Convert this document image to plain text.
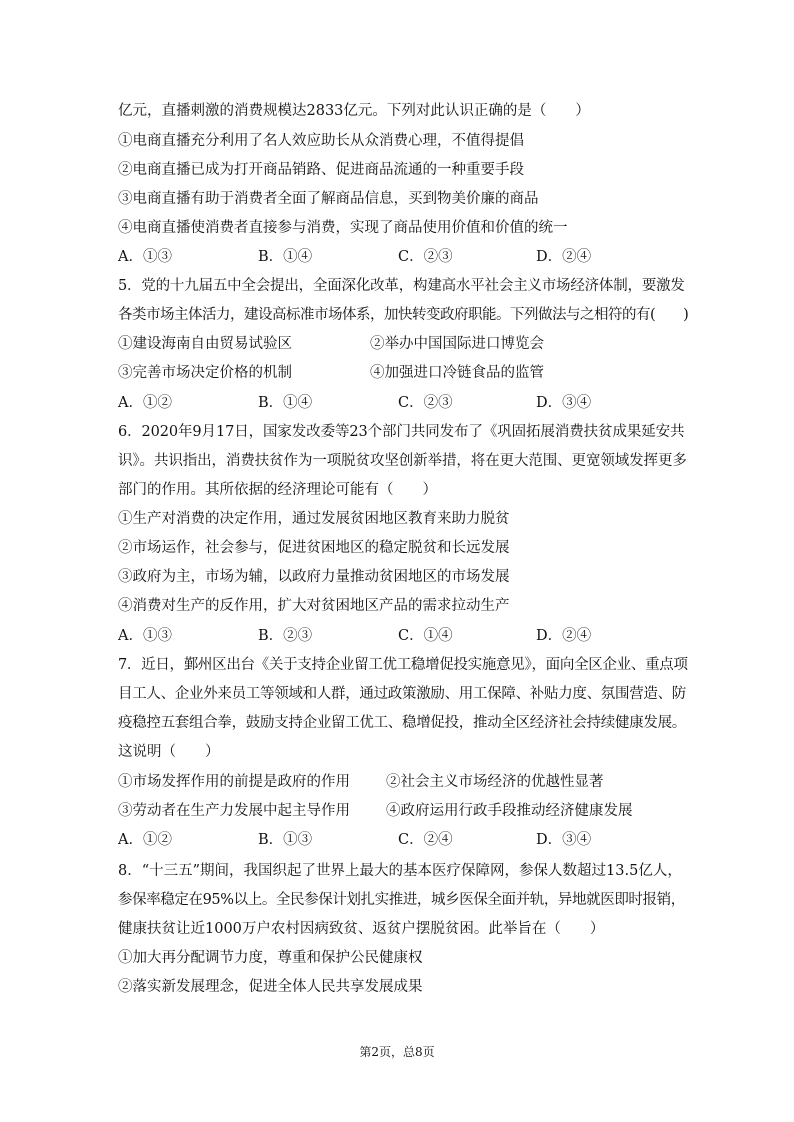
亿元，直播刺激的消费规模达2833亿元。下列对此认识正确的是（　　）
①电商直播充分利用了名人效应助长从众消费心理，不值得提倡
②电商直播已成为打开商品销路、促进商品流通的一种重要手段
③电商直播有助于消费者全面了解商品信息，买到物美价廉的商品
④电商直播使消费者直接参与消费，实现了商品使用价值和价值的统一
A．①③	B．①④	C．②③	D．②④
5．党的十九届五中全会提出，全面深化改革，构建高水平社会主义市场经济体制，要激发
各类市场主体活力，建设高标准市场体系，加快转变政府职能。下列做法与之相符的有(　　)
①建设海南自由贸易试验区	②举办中国国际进口博览会
③完善市场决定价格的机制	④加强进口冷链食品的监管
A．①②	B．①④	C．②③	D．③④
6．2020年9月17日，国家发改委等23个部门共同发布了《巩固拓展消费扶贫成果延安共
识》。共识指出，消费扶贫作为一项脱贫攻坚创新举措，将在更大范围、更宽领域发挥更多
部门的作用。其所依据的经济理论可能有（　　）
①生产对消费的决定作用，通过发展贫困地区教育来助力脱贫
②市场运作，社会参与，促进贫困地区的稳定脱贫和长远发展
③政府为主，市场为辅，以政府力量推动贫困地区的市场发展
④消费对生产的反作用，扩大对贫困地区产品的需求拉动生产
A．①③	B．②③	C．①④	D．②④
7．近日，鄞州区出台《关于支持企业留工优工稳增促投实施意见》，面向全区企业、重点项
目工人、企业外来员工等领域和人群，通过政策激励、用工保障、补贴力度、氛围营造、防
疫稳控五套组合拳，鼓励支持企业留工优工、稳增促投，推动全区经济社会持续健康发展。
这说明（　　）
①市场发挥作用的前提是政府的作用 ②社会主义市场经济的优越性显著
③劳动者在生产力发展中起主导作用 ④政府运用行政手段推动经济健康发展
A．①②	B．①③	C．②④	D．③④
8．“十三五”期间，我国织起了世界上最大的基本医疗保障网，参保人数超过13.5亿人，
参保率稳定在95%以上。全民参保计划扎实推进，城乡医保全面并轨，异地就医即时报销，
健康扶贫让近1000万户农村因病致贫、返贫户摆脱贫困。此举旨在（　　）
①加大再分配调节力度，尊重和保护公民健康权
②落实新发展理念，促进全体人民共享发展成果
第2页，总8页
